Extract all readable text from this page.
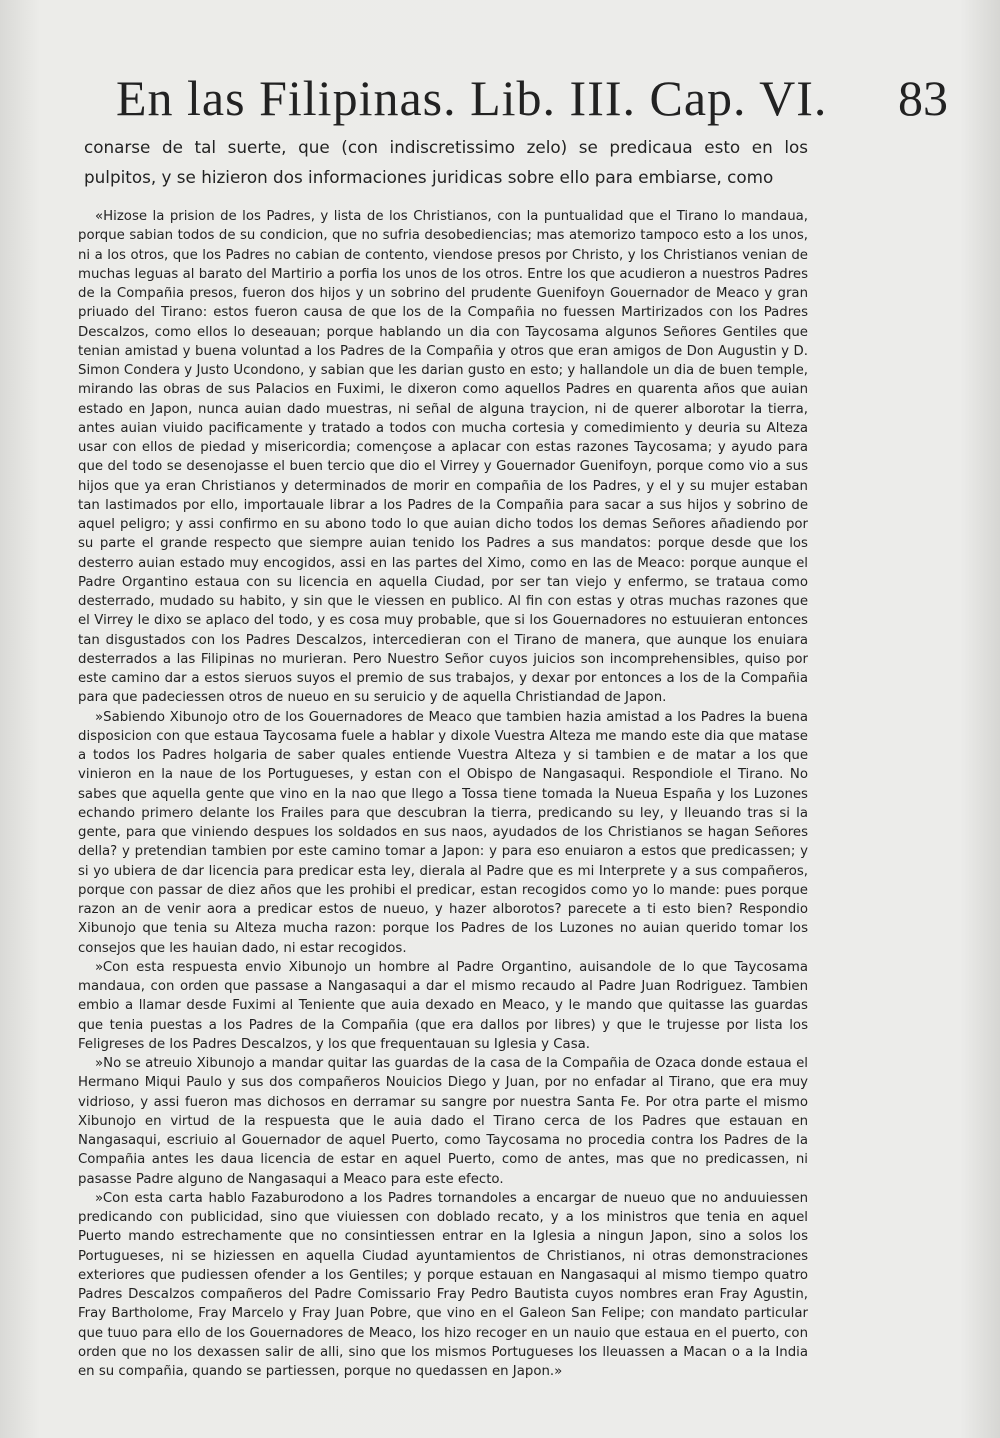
En las Filipinas. Lib. III. Cap. VI. 83

conarse de tal suerte, que (con indiscretissimo zelo) se predicaua esto en los pulpitos, y se hizieron dos informaciones juridicas sobre ello para embiarse, como

«Hizose la prision de los Padres, y lista de los Christianos, con la puntualidad que el Tirano lo mandaua, porque sabian todos de su condicion, que no sufria desobediencias; mas atemorizo tampoco esto a los unos, ni a los otros, que los Padres no cabian de contento, viendose presos por Christo, y los Christianos venian de muchas leguas al barato del Martirio a porfia los unos de los otros. Entre los que acudieron a nuestros Padres de la Compañia presos, fueron dos hijos y un sobrino del prudente Guenifoyn Gouernador de Meaco y gran priuado del Tirano: estos fueron causa de que los de la Compañia no fuessen Martirizados con los Padres Descalzos, como ellos lo deseauan; porque hablando un dia con Taycosama algunos Señores Gentiles que tenian amistad y buena voluntad a los Padres de la Compañia y otros que eran amigos de Don Augustin y D. Simon Condera y Justo Ucondono, y sabian que les darian gusto en esto; y hallandole un dia de buen temple, mirando las obras de sus Palacios en Fuximi, le dixeron como aquellos Padres en quarenta años que auian estado en Japon, nunca auian dado muestras, ni señal de alguna traycion, ni de querer alborotar la tierra, antes auian viuido pacificamente y tratado a todos con mucha cortesia y comedimiento y deuria su Alteza usar con ellos de piedad y misericordia; començose a aplacar con estas razones Taycosama; y ayudo para que del todo se desenojasse el buen tercio que dio el Virrey y Gouernador Guenifoyn, porque como vio a sus hijos que ya eran Christianos y determinados de morir en compañia de los Padres, y el y su mujer estaban tan lastimados por ello, importauale librar a los Padres de la Compañia para sacar a sus hijos y sobrino de aquel peligro; y assi confirmo en su abono todo lo que auian dicho todos los demas Señores añadiendo por su parte el grande respecto que siempre auian tenido los Padres a sus mandatos: porque desde que los desterro auian estado muy encogidos, assi en las partes del Ximo, como en las de Meaco: porque aunque el Padre Organtino estaua con su licencia en aquella Ciudad, por ser tan viejo y enfermo, se trataua como desterrado, mudado su habito, y sin que le viessen en publico. Al fin con estas y otras muchas razones que el Virrey le dixo se aplaco del todo, y es cosa muy probable, que si los Gouernadores no estuuieran entonces tan disgustados con los Padres Descalzos, intercedieran con el Tirano de manera, que aunque los enuiara desterrados a las Filipinas no murieran. Pero Nuestro Señor cuyos juicios son incomprehensibles, quiso por este camino dar a estos sieruos suyos el premio de sus trabajos, y dexar por entonces a los de la Compañia para que padeciessen otros de nueuo en su seruicio y de aquella Christiandad de Japon.

»Sabiendo Xibunojo otro de los Gouernadores de Meaco que tambien hazia amistad a los Padres la buena disposicion con que estaua Taycosama fuele a hablar y dixole Vuestra Alteza me mando este dia que matase a todos los Padres holgaria de saber quales entiende Vuestra Alteza y si tambien e de matar a los que vinieron en la naue de los Portugueses, y estan con el Obispo de Nangasaqui. Respondiole el Tirano. No sabes que aquella gente que vino en la nao que llego a Tossa tiene tomada la Nueua España y los Luzones echando primero delante los Frailes para que descubran la tierra, predicando su ley, y lleuando tras si la gente, para que viniendo despues los soldados en sus naos, ayudados de los Christianos se hagan Señores della? y pretendian tambien por este camino tomar a Japon: y para eso enuiaron a estos que predicassen; y si yo ubiera de dar licencia para predicar esta ley, dierala al Padre que es mi Interprete y a sus compañeros, porque con passar de diez años que les prohibi el predicar, estan recogidos como yo lo mande: pues porque razon an de venir aora a predicar estos de nueuo, y hazer alborotos? parecete a ti esto bien? Respondio Xibunojo que tenia su Alteza mucha razon: porque los Padres de los Luzones no auian querido tomar los consejos que les hauian dado, ni estar recogidos.

»Con esta respuesta envio Xibunojo un hombre al Padre Organtino, auisandole de lo que Taycosama mandaua, con orden que passase a Nangasaqui a dar el mismo recaudo al Padre Juan Rodriguez. Tambien embio a llamar desde Fuximi al Teniente que auia dexado en Meaco, y le mando que quitasse las guardas que tenia puestas a los Padres de la Compañia (que era dallos por libres) y que le trujesse por lista los Feligreses de los Padres Descalzos, y los que frequentauan su Iglesia y Casa.

»No se atreuio Xibunojo a mandar quitar las guardas de la casa de la Compañia de Ozaca donde estaua el Hermano Miqui Paulo y sus dos compañeros Nouicios Diego y Juan, por no enfadar al Tirano, que era muy vidrioso, y assi fueron mas dichosos en derramar su sangre por nuestra Santa Fe. Por otra parte el mismo Xibunojo en virtud de la respuesta que le auia dado el Tirano cerca de los Padres que estauan en Nangasaqui, escriuio al Gouernador de aquel Puerto, como Taycosama no procedia contra los Padres de la Compañia antes les daua licencia de estar en aquel Puerto, como de antes, mas que no predicassen, ni pasasse Padre alguno de Nangasaqui a Meaco para este efecto.

»Con esta carta hablo Fazaburodono a los Padres tornandoles a encargar de nueuo que no anduuiessen predicando con publicidad, sino que viuiessen con doblado recato, y a los ministros que tenia en aquel Puerto mando estrechamente que no consintiessen entrar en la Iglesia a ningun Japon, sino a solos los Portugueses, ni se hiziessen en aquella Ciudad ayuntamientos de Christianos, ni otras demonstraciones exteriores que pudiessen ofender a los Gentiles; y porque estauan en Nangasaqui al mismo tiempo quatro Padres Descalzos compañeros del Padre Comissario Fray Pedro Bautista cuyos nombres eran Fray Agustin, Fray Bartholome, Fray Marcelo y Fray Juan Pobre, que vino en el Galeon San Felipe; con mandato particular que tuuo para ello de los Gouernadores de Meaco, los hizo recoger en un nauio que estaua en el puerto, con orden que no los dexassen salir de alli, sino que los mismos Portugueses los lleuassen a Macan o a la India en su compañia, quando se partiessen, porque no quedassen en Japon.»
